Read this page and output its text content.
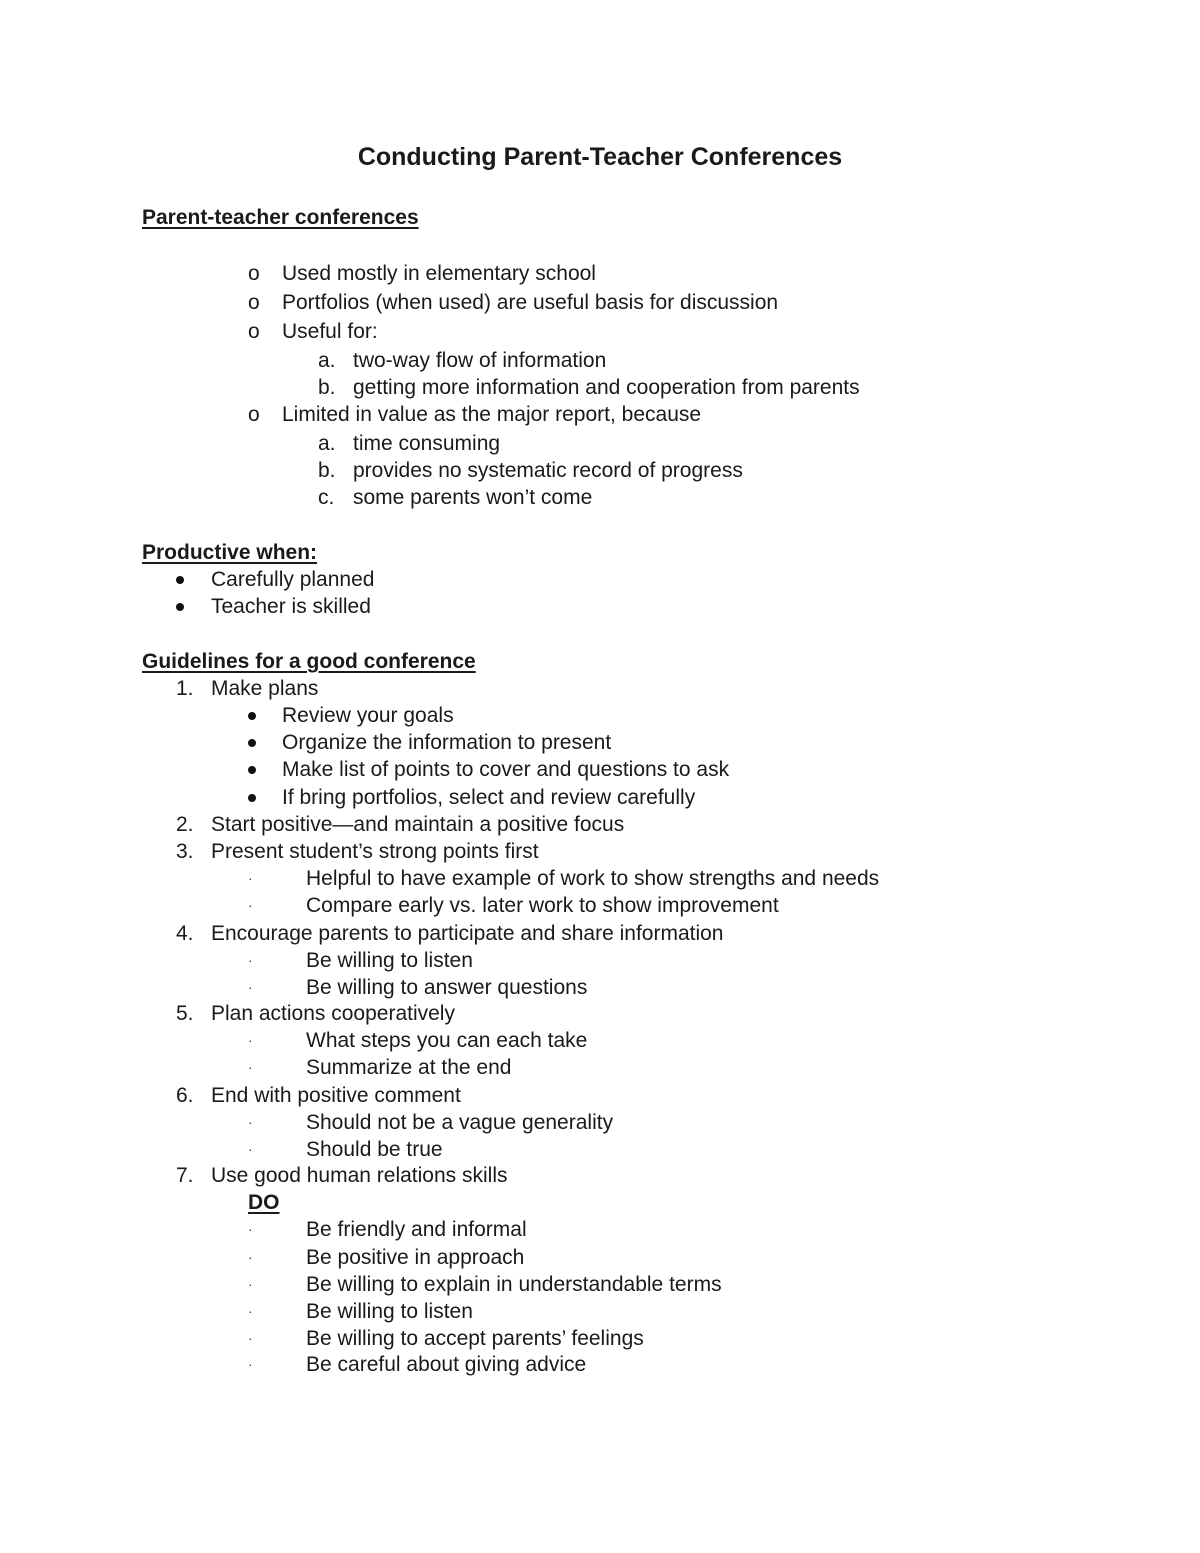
Conducting Parent-Teacher Conferences
Parent-teacher conferences

o

Used mostly in elementary school

o

Portfolios (when used) are useful basis for discussion

o

Useful for:

a.

two-way flow of information

b.

getting more information and cooperation from parents

o

Limited in value as the major report, because

a.

time consuming

b.

provides no systematic record of progress

c.

some parents won’t come

Productive when:

Carefully planned

Teacher is skilled

Guidelines for a good conference

1.

Make plans

Review your goals

Organize the information to present

Make list of points to cover and questions to ask

If bring portfolios, select and review carefully

2.

Start positive—and maintain a positive focus

3.

Present student’s strong points first

·

	Helpful to have example of work to show strengths and needs

·

	Compare early vs. later work to show improvement

4.

Encourage parents to participate and share information

·

	Be willing to listen

·

	Be willing to answer questions

5.

Plan actions cooperatively

·

	What steps you can each take

·

	Summarize at the end

6.

End with positive comment

·

	Should not be a vague generality

·

	Should be true

7.

Use good human relations skills

DO

·

	Be friendly and informal

·

	Be positive in approach

·

	Be willing to explain in understandable terms

·

	Be willing to listen

·

	Be willing to accept parents’ feelings

·

	Be careful about giving advice
